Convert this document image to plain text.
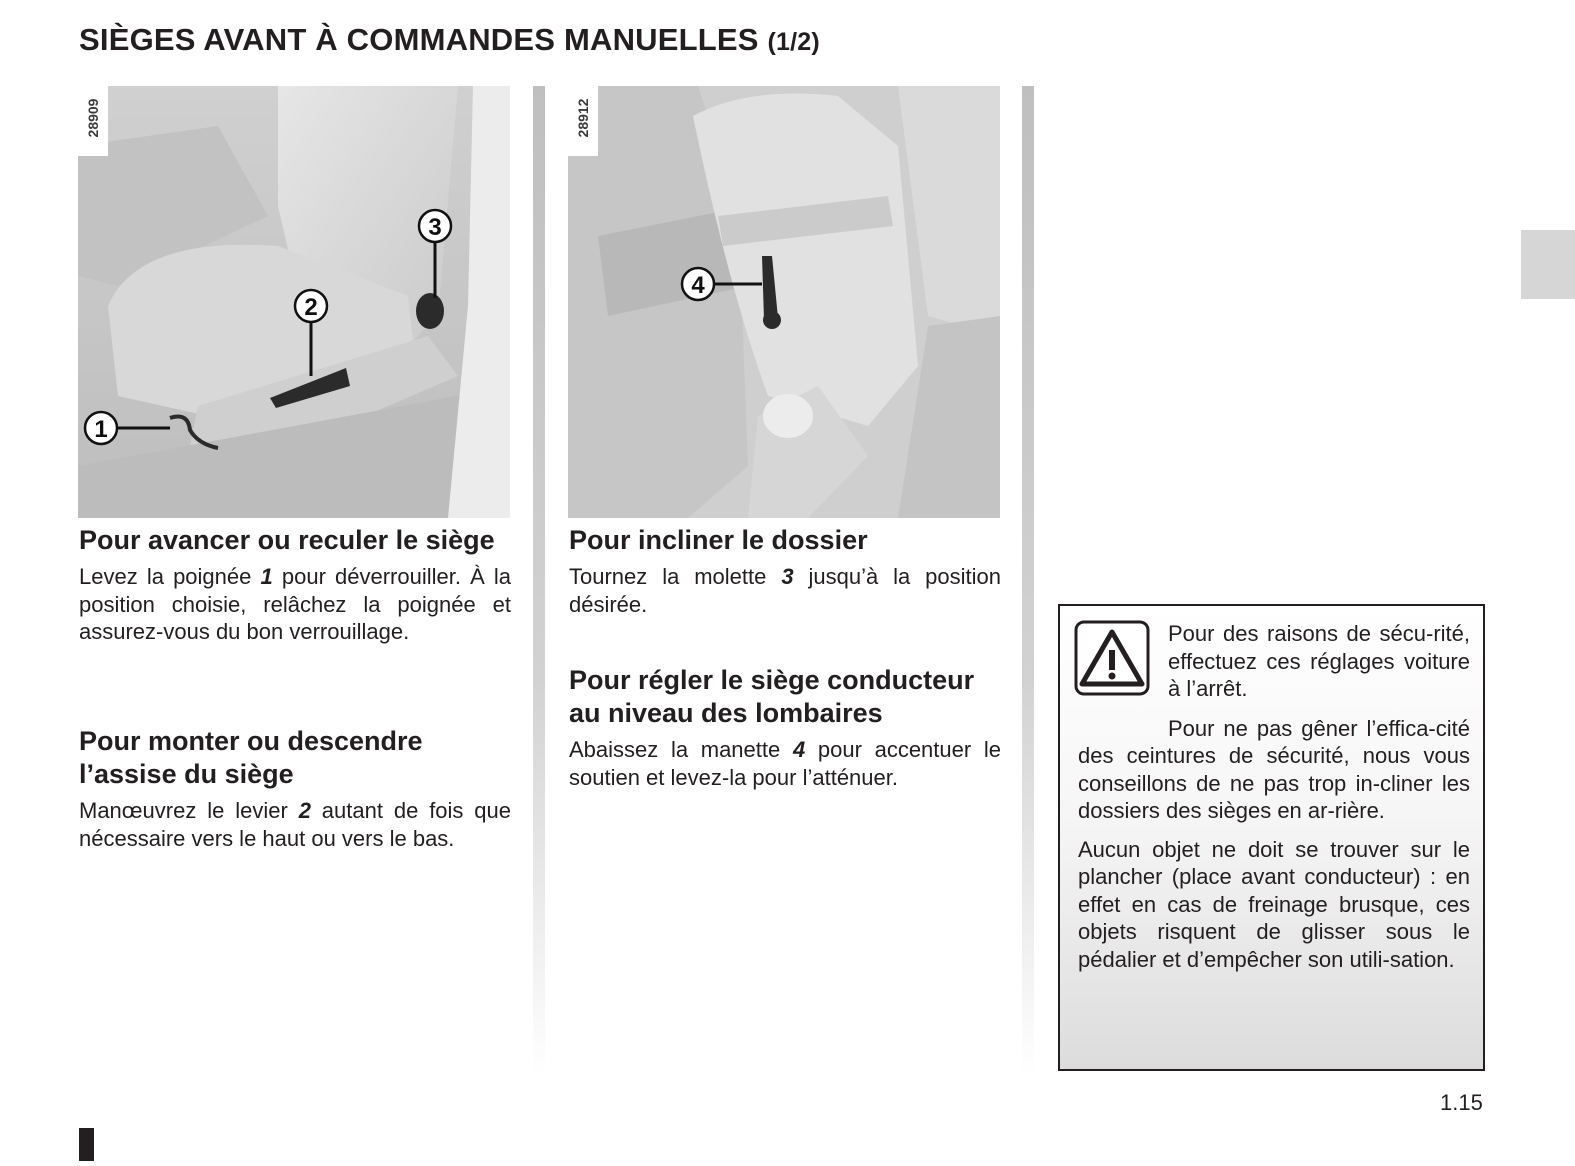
SIÈGES AVANT À COMMANDES MANUELLES (1/2)
3
2
1
28909
4
28912
Pour avancer ou reculer le siège

Levez la poignée 1 pour déverrouiller. À la position choisie, relâchez la poignée et assurez-vous du bon verrouillage.

Pour monter ou descendre l’assise du siège

Manœuvrez le levier 2 autant de fois que nécessaire vers le haut ou vers le bas.

Pour incliner le dossier

Tournez la molette 3 jusqu’à la position désirée.

Pour régler le siège conducteur au niveau des lombaires

Abaissez la manette 4 pour accentuer le soutien et levez-la pour l’atténuer.

Pour des raisons de sécu-rité, effectuez ces réglages voiture à l’arrêt.

Pour ne pas gêner l’effica-cité des ceintures de sécurité, nous vous conseillons de ne pas trop in-cliner les dossiers des sièges en ar-rière.

Aucun objet ne doit se trouver sur le plancher (place avant conducteur) : en effet en cas de freinage brusque, ces objets risquent de glisser sous le pédalier et d’empêcher son utili-sation.

1.15
